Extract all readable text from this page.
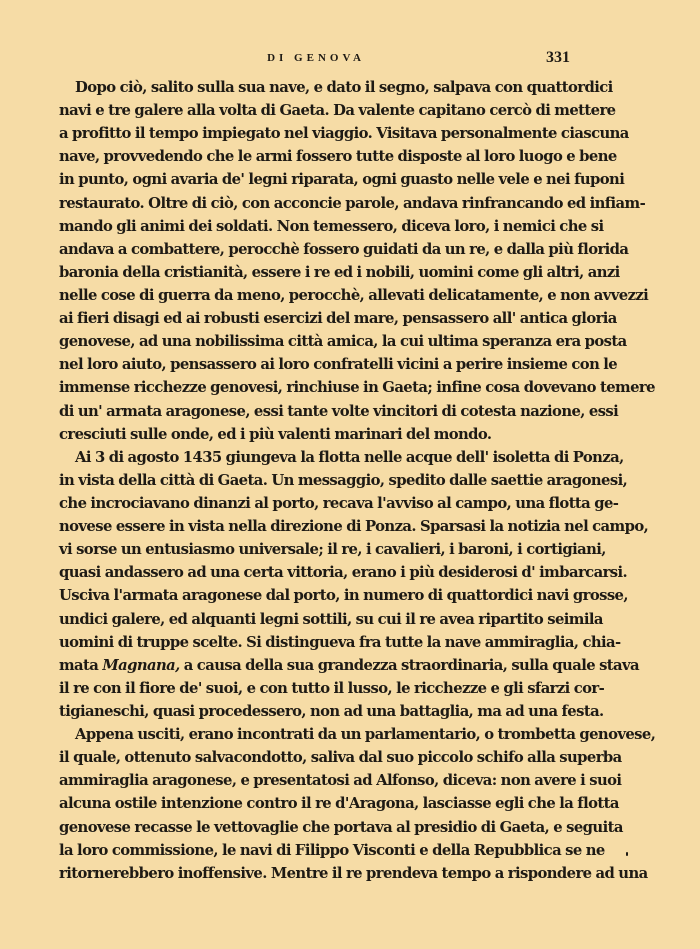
DI GENOVA	331
Dopo ciò, salito sulla sua nave, e dato il segno, salpava con quattordici
navi e tre galere alla volta di Gaeta. Da valente capitano cercò di mettere
a profitto il tempo impiegato nel viaggio. Visitava personalmente ciascuna
nave, provvedendo che le armi fossero tutte disposte al loro luogo e bene
in punto, ogni avaria de' legni riparata, ogni guasto nelle vele e nei fuponi
restaurato. Oltre di ciò, con acconcie parole, andava rinfrancando ed infiam-
mando gli animi dei soldati. Non temessero, diceva loro, i nemici che si
andava a combattere, perocchè fossero guidati da un re, e dalla più florida
baronia della cristianità, essere i re ed i nobili, uomini come gli altri, anzi
nelle cose di guerra da meno, perocchè, allevati delicatamente, e non avvezzi
ai fieri disagi ed ai robusti esercizi del mare, pensassero all' antica gloria
genovese, ad una nobilissima città amica, la cui ultima speranza era posta
nel loro aiuto, pensassero ai loro confratelli vicini a perire insieme con le
immense ricchezze genovesi, rinchiuse in Gaeta; infine cosa dovevano temere
di un' armata aragonese, essi tante volte vincitori di cotesta nazione, essi
cresciuti sulle onde, ed i più valenti marinari del mondo.
Ai 3 di agosto 1435 giungeva la flotta nelle acque dell' isoletta di Ponza,
in vista della città di Gaeta. Un messaggio, spedito dalle saettie aragonesi,
che incrociavano dinanzi al porto, recava l'avviso al campo, una flotta ge-
novese essere in vista nella direzione di Ponza. Sparsasi la notizia nel campo,
vi sorse un entusiasmo universale; il re, i cavalieri, i baroni, i cortigiani,
quasi andassero ad una certa vittoria, erano i più desiderosi d' imbarcarsi.
Usciva l'armata aragonese dal porto, in numero di quattordici navi grosse,
undici galere, ed alquanti legni sottili, su cui il re avea ripartito seimila
uomini di truppe scelte. Si distingueva fra tutte la nave ammiraglia, chia-
mata Magnana, a causa della sua grandezza straordinaria, sulla quale stava
il re con il fiore de' suoi, e con tutto il lusso, le ricchezze e gli sfarzi cor-
tigianeschi, quasi procedessero, non ad una battaglia, ma ad una festa.
Appena usciti, erano incontrati da un parlamentario, o trombetta genovese,
il quale, ottenuto salvacondotto, saliva dal suo piccolo schifo alla superba
ammiraglia aragonese, e presentatosi ad Alfonso, diceva: non avere i suoi
alcuna ostile intenzione contro il re d'Aragona, lasciasse egli che la flotta
genovese recasse le vettovaglie che portava al presidio di Gaeta, e seguita
la loro commissione, le navi di Filippo Visconti e della Repubblica se ne
ritornerebbero inoffensive. Mentre il re prendeva tempo a rispondere ad una
